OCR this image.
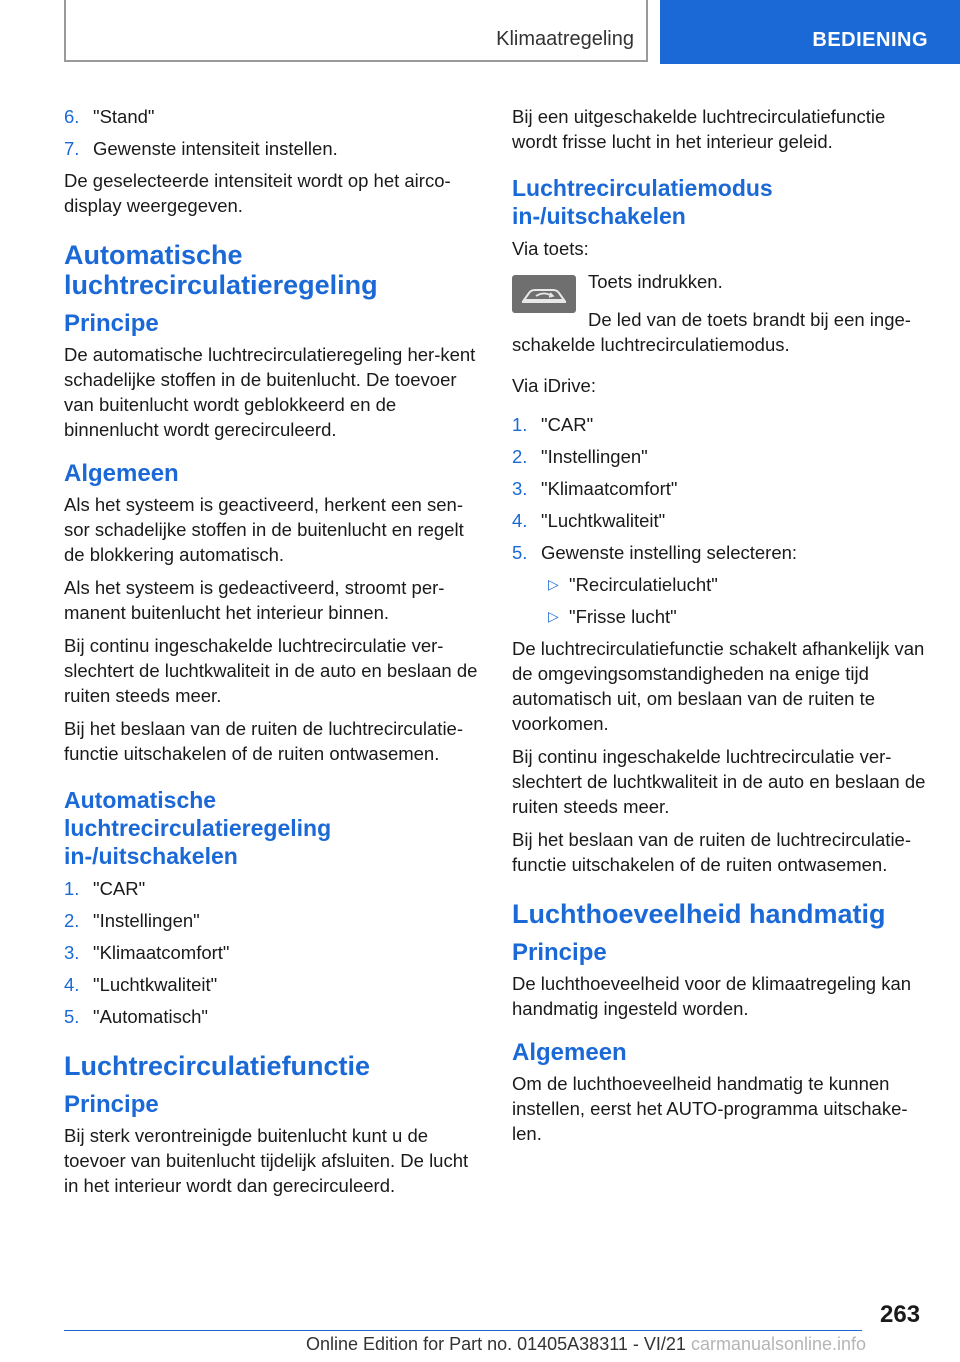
Klimaatregeling	BEDIENING
6. "Stand"
7. Gewenste intensiteit instellen.

De geselecteerde intensiteit wordt op het airco-display weergegeven.

Automatische luchtrecirculatieregeling
Principe

De automatische luchtrecirculatieregeling her-kent schadelijke stoffen in de buitenlucht. De toevoer van buitenlucht wordt geblokkeerd en de binnenlucht wordt gerecirculeerd.

Algemeen

Als het systeem is geactiveerd, herkent een sen-sor schadelijke stoffen in de buitenlucht en regelt de blokkering automatisch.

Als het systeem is gedeactiveerd, stroomt per-manent buitenlucht het interieur binnen.

Bij continu ingeschakelde luchtrecirculatie ver-slechtert de luchtkwaliteit in de auto en beslaan de ruiten steeds meer.

Bij het beslaan van de ruiten de luchtrecirculatie-functie uitschakelen of de ruiten ontwasemen.

Automatische luchtrecirculatieregeling in-/uitschakelen
1. "CAR"
2. "Instellingen"
3. "Klimaatcomfort"
4. "Luchtkwaliteit"
5. "Automatisch"
Luchtrecirculatiefunctie
Principe

Bij sterk verontreinigde buitenlucht kunt u de toevoer van buitenlucht tijdelijk afsluiten. De lucht in het interieur wordt dan gerecirculeerd.

Bij een uitgeschakelde luchtrecirculatiefunctie wordt frisse lucht in het interieur geleid.

Luchtrecirculatiemodus in-/uitschakelen

Via toets:

Toets indrukken.

De led van de toets brandt bij een inge-schakelde luchtrecirculatiemodus.

Via iDrive:

1. "CAR"
2. "Instellingen"
3. "Klimaatcomfort"
4. "Luchtkwaliteit"
5. Gewenste instelling selecteren:
▷ "Recirculatielucht"
▷ "Frisse lucht"

De luchtrecirculatiefunctie schakelt afhankelijk van de omgevingsomstandigheden na enige tijd automatisch uit, om beslaan van de ruiten te voorkomen.

Bij continu ingeschakelde luchtrecirculatie ver-slechtert de luchtkwaliteit in de auto en beslaan de ruiten steeds meer.

Bij het beslaan van de ruiten de luchtrecirculatie-functie uitschakelen of de ruiten ontwasemen.

Luchthoeveelheid handmatig
Principe

De luchthoeveelheid voor de klimaatregeling kan handmatig ingesteld worden.

Algemeen

Om de luchthoeveelheid handmatig te kunnen instellen, eerst het AUTO-programma uitschake-len.

263
Online Edition for Part no. 01405A38311 - VI/21 carmanualsonline.info
